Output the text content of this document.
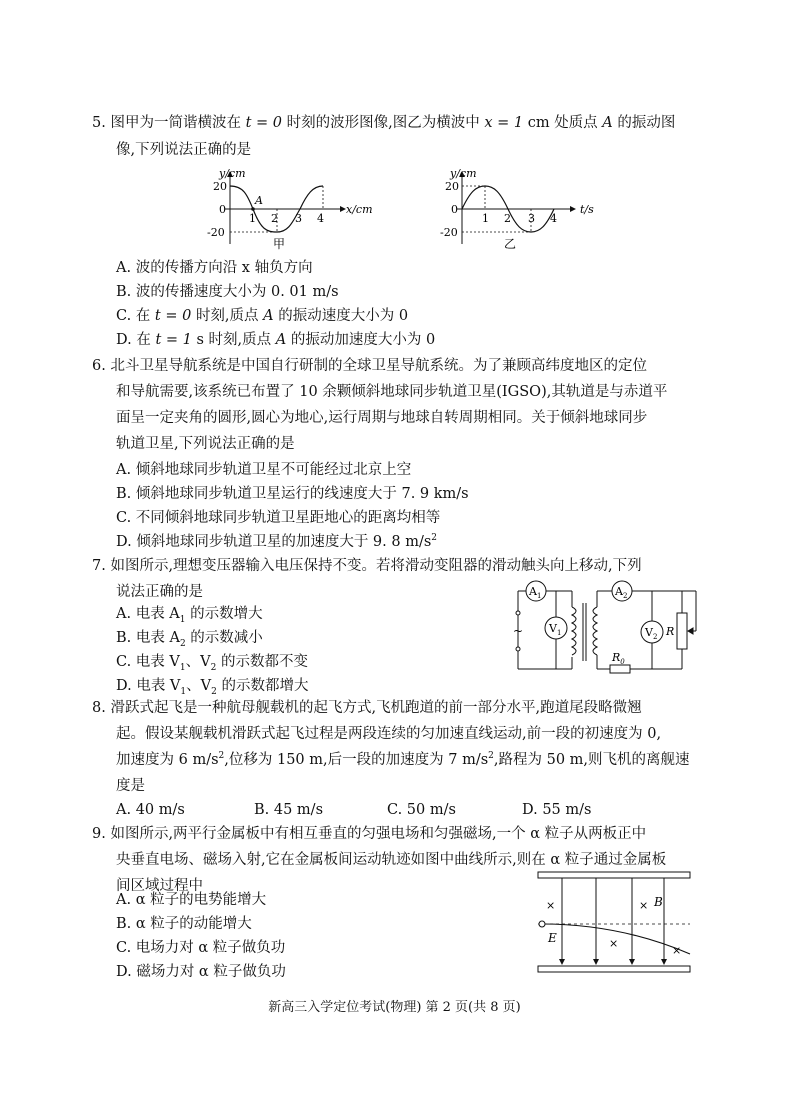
5. 图甲为一简谐横波在 t = 0 时刻的波形图像,图乙为横波中 x = 1 cm 处质点 A 的振动图
像,下列说法正确的是
y/cm
20
0
-20
A
1 2 3 4
x/cm
甲
y/cm
20
0
-20
1 2 3 4
t/s
乙
A. 波的传播方向沿 x 轴负方向
B. 波的传播速度大小为 0. 01 m/s
C. 在 t = 0 时刻,质点 A 的振动速度大小为 0
D. 在 t = 1 s 时刻,质点 A 的振动加速度大小为 0
6. 北斗卫星导航系统是中国自行研制的全球卫星导航系统。为了兼顾高纬度地区的定位
和导航需要,该系统已布置了 10 余颗倾斜地球同步轨道卫星(IGSO),其轨道是与赤道平
面呈一定夹角的圆形,圆心为地心,运行周期与地球自转周期相同。关于倾斜地球同步
轨道卫星,下列说法正确的是
A. 倾斜地球同步轨道卫星不可能经过北京上空
B. 倾斜地球同步轨道卫星运行的线速度大于 7. 9 km/s
C. 不同倾斜地球同步轨道卫星距地心的距离均相等
D. 倾斜地球同步轨道卫星的加速度大于 9. 8 $m/s^2$
7. 如图所示,理想变压器输入电压保持不变。若将滑动变阻器的滑动触头向上移动,下列
说法正确的是
A. 电表 $A_1$ 的示数增大
B. 电表 $A_2$ 的示数减小
C. 电表 $V_1$、$V_2$ 的示数都不变
D. 电表 $V_1$、$V_2$ 的示数都增大
~
$A_1$	$A_2$
$V_1$	$V_2$ R
$R_0$
8. 滑跃式起飞是一种航母舰载机的起飞方式,飞机跑道的前一部分水平,跑道尾段略微翘
起。假设某舰载机滑跃式起飞过程是两段连续的匀加速直线运动,前一段的初速度为 0,
加速度为 6 $m/s^2$,位移为 150 m,后一段的加速度为 7 $m/s^2$,路程为 50 m,则飞机的离舰速
度是
A. 40 m/s	B. 45 m/s	C. 50 m/s	D. 55 m/s
9. 如图所示,两平行金属板中有相互垂直的匀强电场和匀强磁场,一个 α 粒子从两板正中
央垂直电场、磁场入射,它在金属板间运动轨迹如图中曲线所示,则在 α 粒子通过金属板
间区域过程中
A. α 粒子的电势能增大
B. α 粒子的动能增大
C. 电场力对 α 粒子做负功
D. 磁场力对 α 粒子做负功
×
×
×
×
B
E
新高三入学定位考试(物理) 第 2 页(共 8 页)
